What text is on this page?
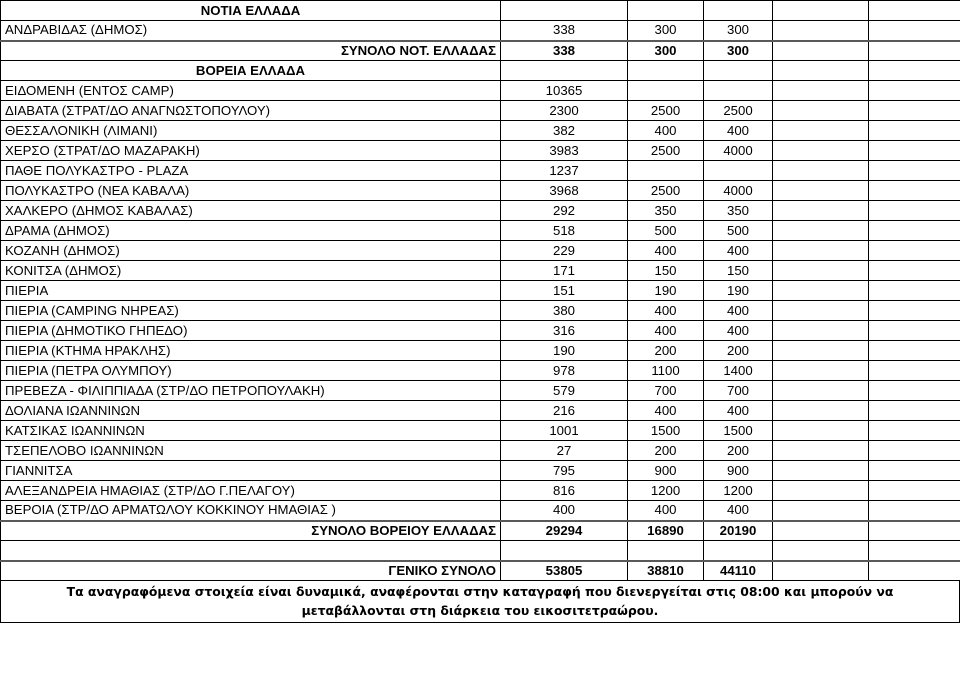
ΝΟΤΙΑ ΕΛΛΑΔΑ					
ΑΝΔΡΑΒΙΔΑΣ (ΔΗΜΟΣ)	338	300	300		
ΣΥΝΟΛΟ ΝΟΤ. ΕΛΛΑΔΑΣ	338	300	300		
ΒΟΡΕΙΑ ΕΛΛΑΔΑ					
ΕΙΔΟΜΕΝΗ (ΕΝΤΟΣ CAMP)	10365				
ΔΙΑΒΑΤΑ (ΣΤΡΑΤ/ΔΟ ΑΝΑΓΝΩΣΤΟΠΟΥΛΟΥ)	2300	2500	2500		
ΘΕΣΣΑΛΟΝΙΚΗ (ΛΙΜΑΝΙ)	382	400	400		
ΧΕΡΣΟ (ΣΤΡΑΤ/ΔΟ ΜΑΖΑΡΑΚΗ)	3983	2500	4000		
ΠΑΘΕ ΠΟΛΥΚΑΣΤΡΟ - PLAZA	1237				
ΠΟΛΥΚΑΣΤΡΟ (ΝΕΑ ΚΑΒΑΛΑ)	3968	2500	4000		
ΧΑΛΚΕΡΟ (ΔΗΜΟΣ ΚΑΒΑΛΑΣ)	292	350	350		
ΔΡΑΜΑ (ΔΗΜΟΣ)	518	500	500		
ΚΟΖΑΝΗ (ΔΗΜΟΣ)	229	400	400		
ΚΟΝΙΤΣΑ (ΔΗΜΟΣ)	171	150	150		
ΠΙΕΡΙΑ	151	190	190		
ΠΙΕΡΙΑ (CAMPING ΝΗΡΕΑΣ)	380	400	400		
ΠΙΕΡΙΑ (ΔΗΜΟΤΙΚΟ ΓΗΠΕΔΟ)	316	400	400		
ΠΙΕΡΙΑ (ΚΤΗΜΑ ΗΡΑΚΛΗΣ)	190	200	200		
ΠΙΕΡΙΑ (ΠΕΤΡΑ ΟΛΥΜΠΟΥ)	978	1100	1400		
ΠΡΕΒΕΖΑ - ΦΙΛΙΠΠΙΑΔΑ (ΣΤΡ/ΔΟ ΠΕΤΡΟΠΟΥΛΑΚΗ)	579	700	700		
ΔΟΛΙΑΝΑ ΙΩΑΝΝΙΝΩΝ	216	400	400		
ΚΑΤΣΙΚΑΣ ΙΩΑΝΝΙΝΩΝ	1001	1500	1500		
ΤΣΕΠΕΛΟΒΟ ΙΩΑΝΝΙΝΩΝ	27	200	200		
ΓΙΑΝΝΙΤΣΑ	795	900	900		
ΑΛΕΞΑΝΔΡΕΙΑ ΗΜΑΘΙΑΣ (ΣΤΡ/ΔΟ Γ.ΠΕΛΑΓΟΥ)	816	1200	1200		
ΒΕΡΟΙΑ (ΣΤΡ/ΔΟ ΑΡΜΑΤΩΛΟΥ ΚΟΚΚΙΝΟΥ ΗΜΑΘΙΑΣ )	400	400	400		
ΣΥΝΟΛΟ ΒΟΡΕΙΟΥ ΕΛΛΑΔΑΣ	29294	16890	20190		

ΓΕΝΙΚΟ ΣΥΝΟΛΟ	53805	38810	44110		
Τα αναγραφόμενα στοιχεία είναι δυναμικά, αναφέρονται στην καταγραφή που διενεργείται στις 08:00 και μπορούν να
μεταβάλλονται στη διάρκεια του εικοσιτετραώρου.
